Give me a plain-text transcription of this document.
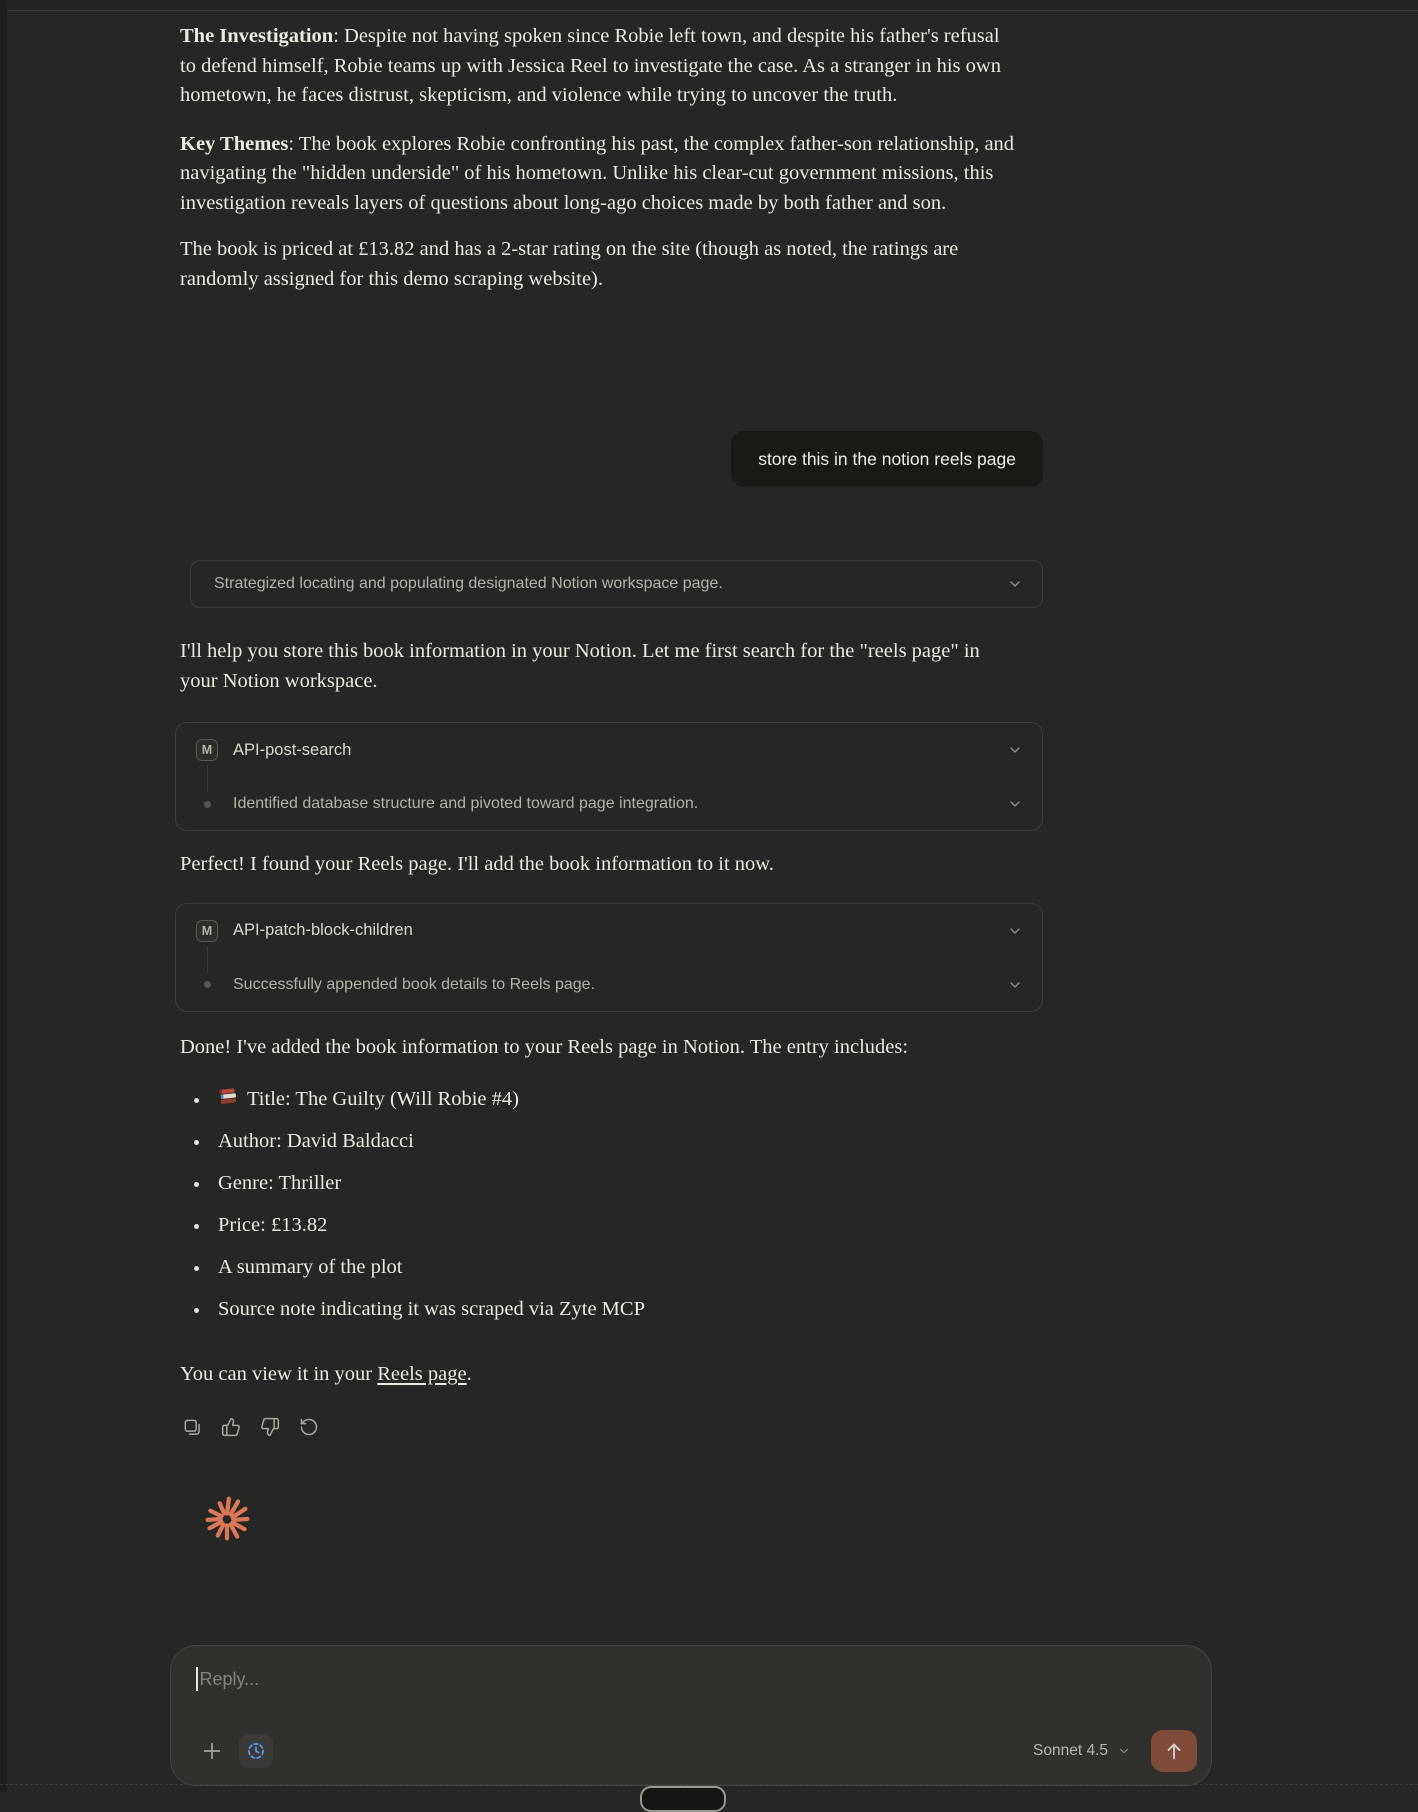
The Investigation: Despite not having spoken since Robie left town, and despite his father's refusal to defend himself, Robie teams up with Jessica Reel to investigate the case. As a stranger in his own hometown, he faces distrust, skepticism, and violence while trying to uncover the truth.

Key Themes: The book explores Robie confronting his past, the complex father-son relationship, and navigating the "hidden underside" of his hometown. Unlike his clear-cut government missions, this investigation reveals layers of questions about long-ago choices made by both father and son.

The book is priced at £13.82 and has a 2-star rating on the site (though as noted, the ratings are randomly assigned for this demo scraping website).

store this in the notion reels page
Strategized locating and populating designated Notion workspace page.

I'll help you store this book information in your Notion. Let me first search for the "reels page" in your Notion workspace.

M	API-post-search
Identified database structure and pivoted toward page integration.

Perfect! I found your Reels page. I'll add the book information to it now.

M	API-patch-block-children
Successfully appended book details to Reels page.

Done! I've added the book information to your Reels page in Notion. The entry includes:

Title: The Guilty (Will Robie #4)
Author: David Baldacci
Genre: Thriller
Price: £13.82
A summary of the plot
Source note indicating it was scraped via Zyte MCP

You can view it in your Reels page.

Reply...
Sonnet 4.5
